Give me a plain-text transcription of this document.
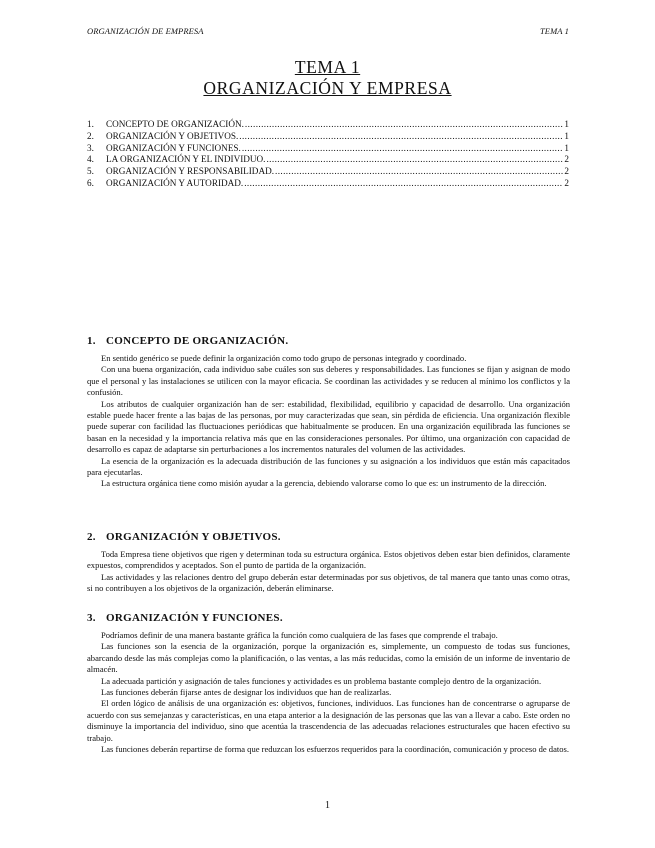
ORGANIZACIÓN DE EMPRESA	TEMA 1
TEMA 1
ORGANIZACIÓN Y EMPRESA
1.	CONCEPTO DE ORGANIZACIÓN. .....	1
2.	ORGANIZACIÓN Y OBJETIVOS. .....	1
3.	ORGANIZACIÓN Y FUNCIONES. .....	1
4.	LA ORGANIZACIÓN Y EL INDIVIDUO. .....	2
5.	ORGANIZACIÓN Y RESPONSABILIDAD. .....	2
6.	ORGANIZACIÓN Y AUTORIDAD. .....	2
1. CONCEPTO DE ORGANIZACIÓN.

En sentido genérico se puede definir la organización como todo grupo de personas integrado y coordinado.

Con una buena organización, cada individuo sabe cuáles son sus deberes y responsabilidades. Las funciones se fijan y asignan de modo que el personal y las instalaciones se utilicen con la mayor eficacia. Se coordinan las actividades y se reducen al mínimo los conflictos y la confusión.

Los atributos de cualquier organización han de ser: estabilidad, flexibilidad, equilibrio y capacidad de desarrollo. Una organización estable puede hacer frente a las bajas de las personas, por muy caracterizadas que sean, sin pérdida de eficiencia. Una organización flexible puede superar con facilidad las fluctuaciones periódicas que habitualmente se producen. En una organización equilibrada las funciones se basan en la necesidad y la importancia relativa más que en las consideraciones personales. Por último, una organización con capacidad de desarrollo es capaz de adaptarse sin perturbaciones a los incrementos naturales del volumen de las actividades.

La esencia de la organización es la adecuada distribución de las funciones y su asignación a los individuos que están más capacitados para ejecutarlas.

La estructura orgánica tiene como misión ayudar a la gerencia, debiendo valorarse como lo que es: un instrumento de la dirección.

2. ORGANIZACIÓN Y OBJETIVOS.

Toda Empresa tiene objetivos que rigen y determinan toda su estructura orgánica. Estos objetivos deben estar bien definidos, claramente expuestos, comprendidos y aceptados. Son el punto de partida de la organización.

Las actividades y las relaciones dentro del grupo deberán estar determinadas por sus objetivos, de tal manera que tanto unas como otras, si no contribuyen a los objetivos de la organización, deberán eliminarse.

3. ORGANIZACIÓN Y FUNCIONES.

Podríamos definir de una manera bastante gráfica la función como cualquiera de las fases que comprende el trabajo.

Las funciones son la esencia de la organización, porque la organización es, simplemente, un compuesto de todas sus funciones, abarcando desde las más complejas como la planificación, o las ventas, a las más reducidas, como la emisión de un informe de inventario de almacén.

La adecuada partición y asignación de tales funciones y actividades es un problema bastante complejo dentro de la organización.

Las funciones deberán fijarse antes de designar los individuos que han de realizarlas.

El orden lógico de análisis de una organización es: objetivos, funciones, individuos. Las funciones han de concentrarse o agruparse de acuerdo con sus semejanzas y características, en una etapa anterior a la designación de las personas que las van a llevar a cabo. Este orden no disminuye la importancia del individuo, sino que acentúa la trascendencia de las adecuadas relaciones estructurales que hacen efectivo su trabajo.

Las funciones deberán repartirse de forma que reduzcan los esfuerzos requeridos para la coordinación, comunicación y proceso de datos.

1
